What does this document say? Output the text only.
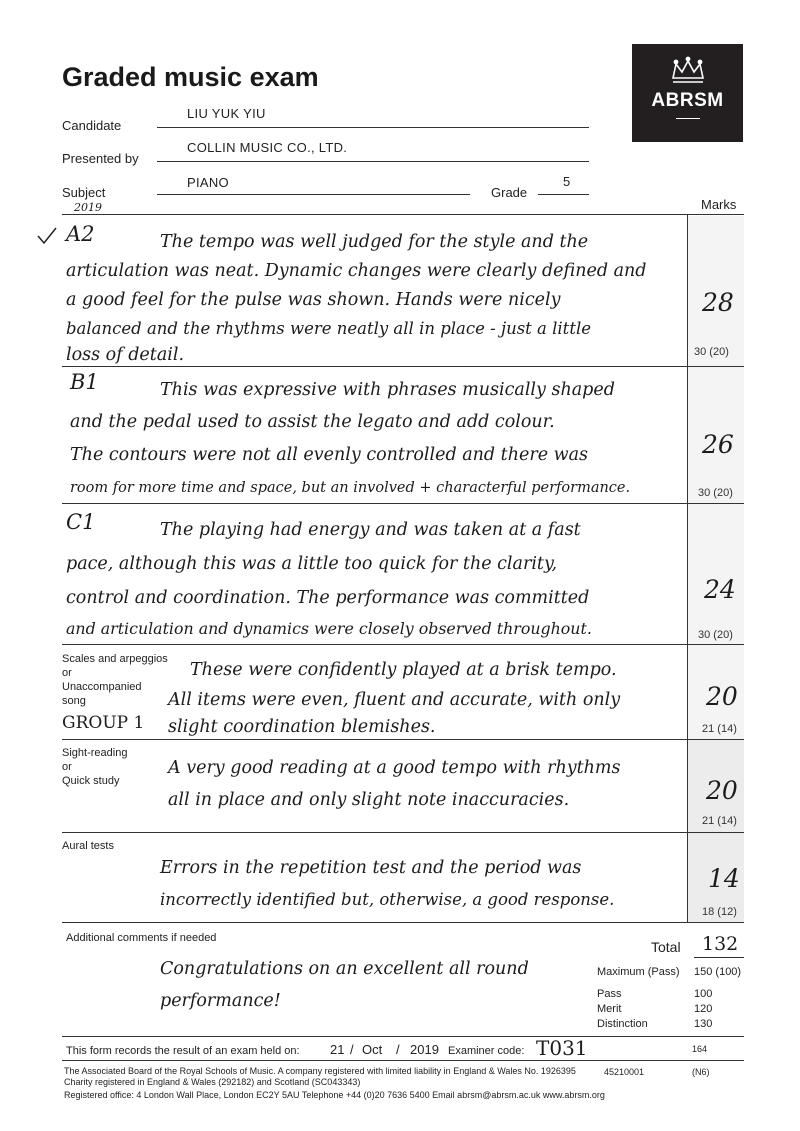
Graded music exam
ABRSM
Candidate
LIU YUK YIU
Presented by
COLLIN MUSIC CO., LTD.
Subject
PIANO
2019
Grade
5
Marks
A2	The tempo was well judged for the style and the
articulation was neat. Dynamic changes were clearly defined and
a good feel for the pulse was shown. Hands were nicely
balanced and the rhythms were neatly all in place - just a little
loss of detail.
28
30 (20)
B1	This was expressive with phrases musically shaped
and the pedal used to assist the legato and add colour.
The contours were not all evenly controlled and there was
room for more time and space, but an involved + characterful performance.
26
30 (20)
C1	The playing had energy and was taken at a fast
pace, although this was a little too quick for the clarity,
control and coordination. The performance was committed
and articulation and dynamics were closely observed throughout.
24
30 (20)
Scales and arpeggios
or
Unaccompanied
song
GROUP 1
These were confidently played at a brisk tempo.
All items were even, fluent and accurate, with only
slight coordination blemishes.
20
21 (14)
Sight-reading
or
Quick study
A very good reading at a good tempo with rhythms
all in place and only slight note inaccuracies.	20
21 (14)
Aural tests
Errors in the repetition test and the period was
incorrectly identified but, otherwise, a good response.
14
18 (12)
Additional comments if needed
Congratulations on an excellent all round
performance!
Total 132
Maximum (Pass) 150 (100)
Pass	100
Merit	120
Distinction	130
This form records the result of an exam held on: 21 / Oct / 2019 Examiner code: T031	164
The Associated Board of the Royal Schools of Music. A company registered with limited liability in England & Wales No. 1926395
Charity registered in England & Wales (292182) and Scotland (SC043343)
Registered office: 4 London Wall Place, London EC2Y 5AU Telephone +44 (0)20 7636 5400 Email abrsm@abrsm.ac.uk www.abrsm.org
45210001	(N6)
